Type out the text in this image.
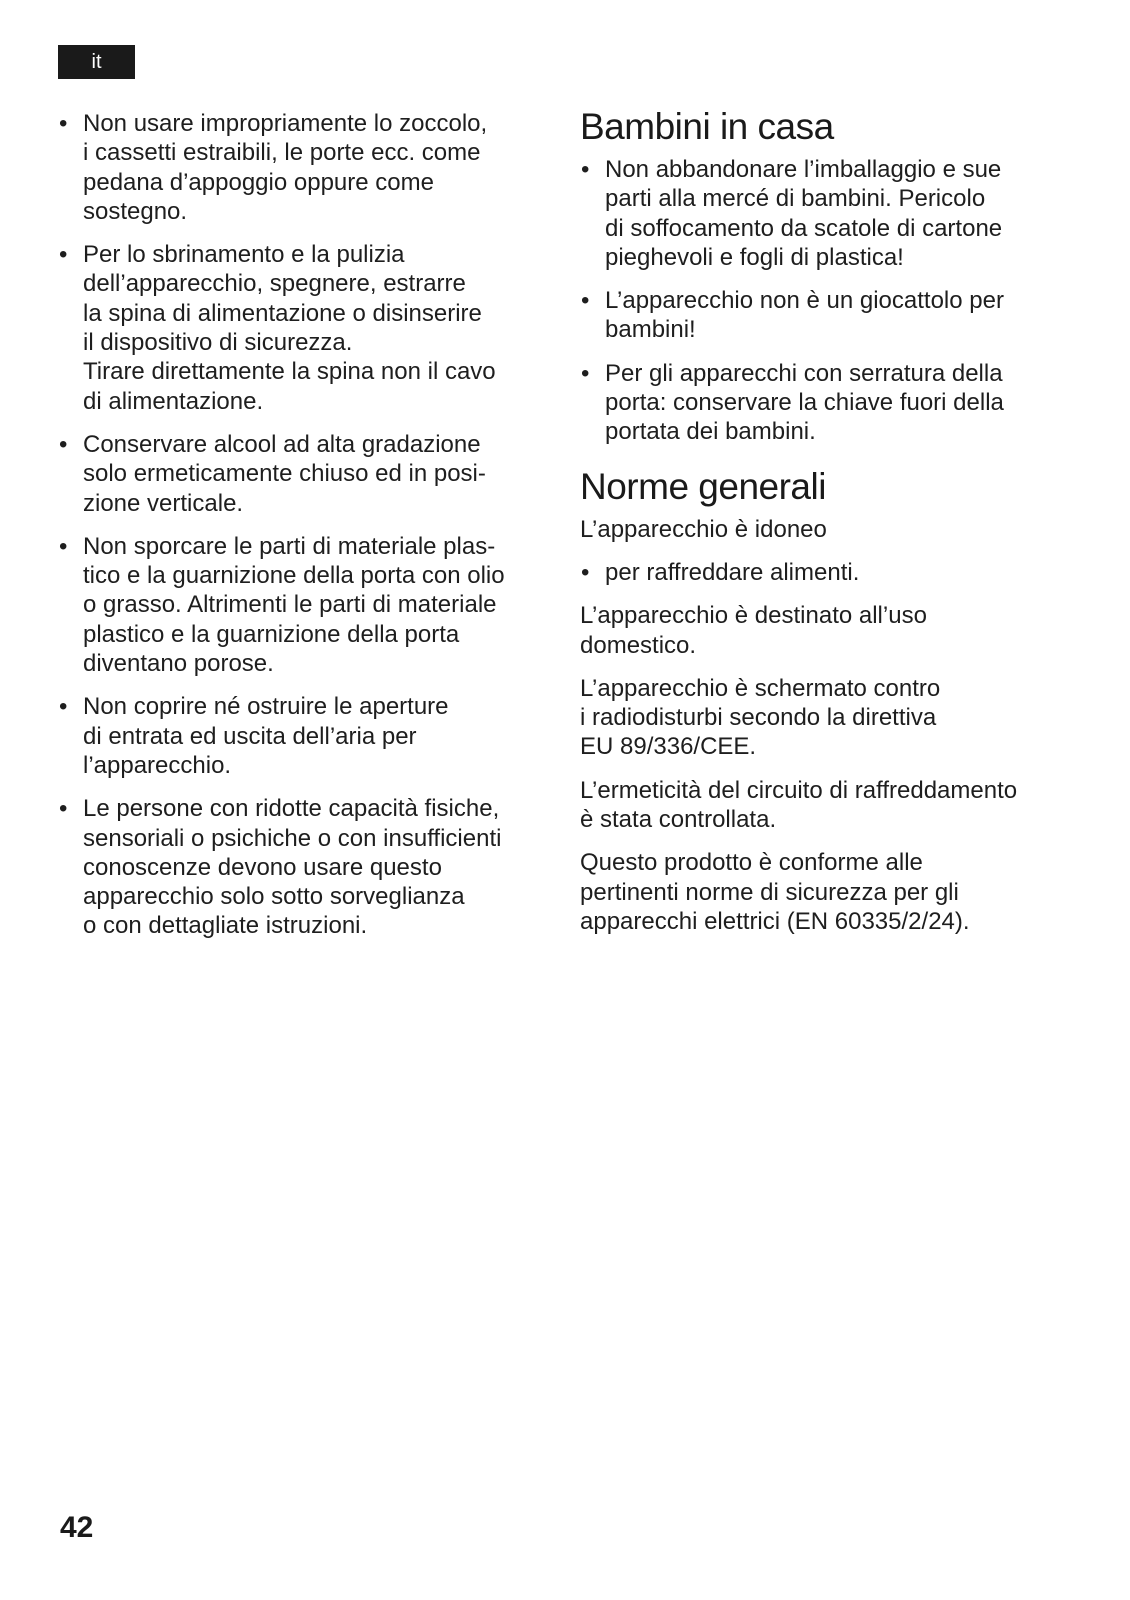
it
• Non usare impropriamente lo zoccolo,
i cassetti estraibili, le porte ecc. come
pedana d’appoggio oppure come
sostegno.
• Per lo sbrinamento e la pulizia
dell’apparecchio, spegnere, estrarre
la spina di alimentazione o disinserire
il dispositivo di sicurezza.
Tirare direttamente la spina non il cavo
di alimentazione.
• Conservare alcool ad alta gradazione
solo ermeticamente chiuso ed in posi-
zione verticale.
• Non sporcare le parti di materiale plas-
tico e la guarnizione della porta con olio
o grasso. Altrimenti le parti di materiale
plastico e la guarnizione della porta
diventano porose.
• Non coprire né ostruire le aperture
di entrata ed uscita dell’aria per
l’apparecchio.
• Le persone con ridotte capacità fisiche,
sensoriali o psichiche o con insufficienti
conoscenze devono usare questo
apparecchio solo sotto sorveglianza
o con dettagliate istruzioni.
Bambini in casa
• Non abbandonare l’imballaggio e sue
parti alla mercé di bambini. Pericolo
di soffocamento da scatole di cartone
pieghevoli e fogli di plastica!
• L’apparecchio non è un giocattolo per
bambini!
• Per gli apparecchi con serratura della
porta: conservare la chiave fuori della
portata dei bambini.
Norme generali

L’apparecchio è idoneo

• per raffreddare alimenti.

L’apparecchio è destinato all’uso
domestico.

L’apparecchio è schermato contro
i radiodisturbi secondo la direttiva
EU 89/336/CEE.

L’ermeticità del circuito di raffreddamento
è stata controllata.

Questo prodotto è conforme alle
pertinenti norme di sicurezza per gli
apparecchi elettrici (EN 60335/2/24).

42
